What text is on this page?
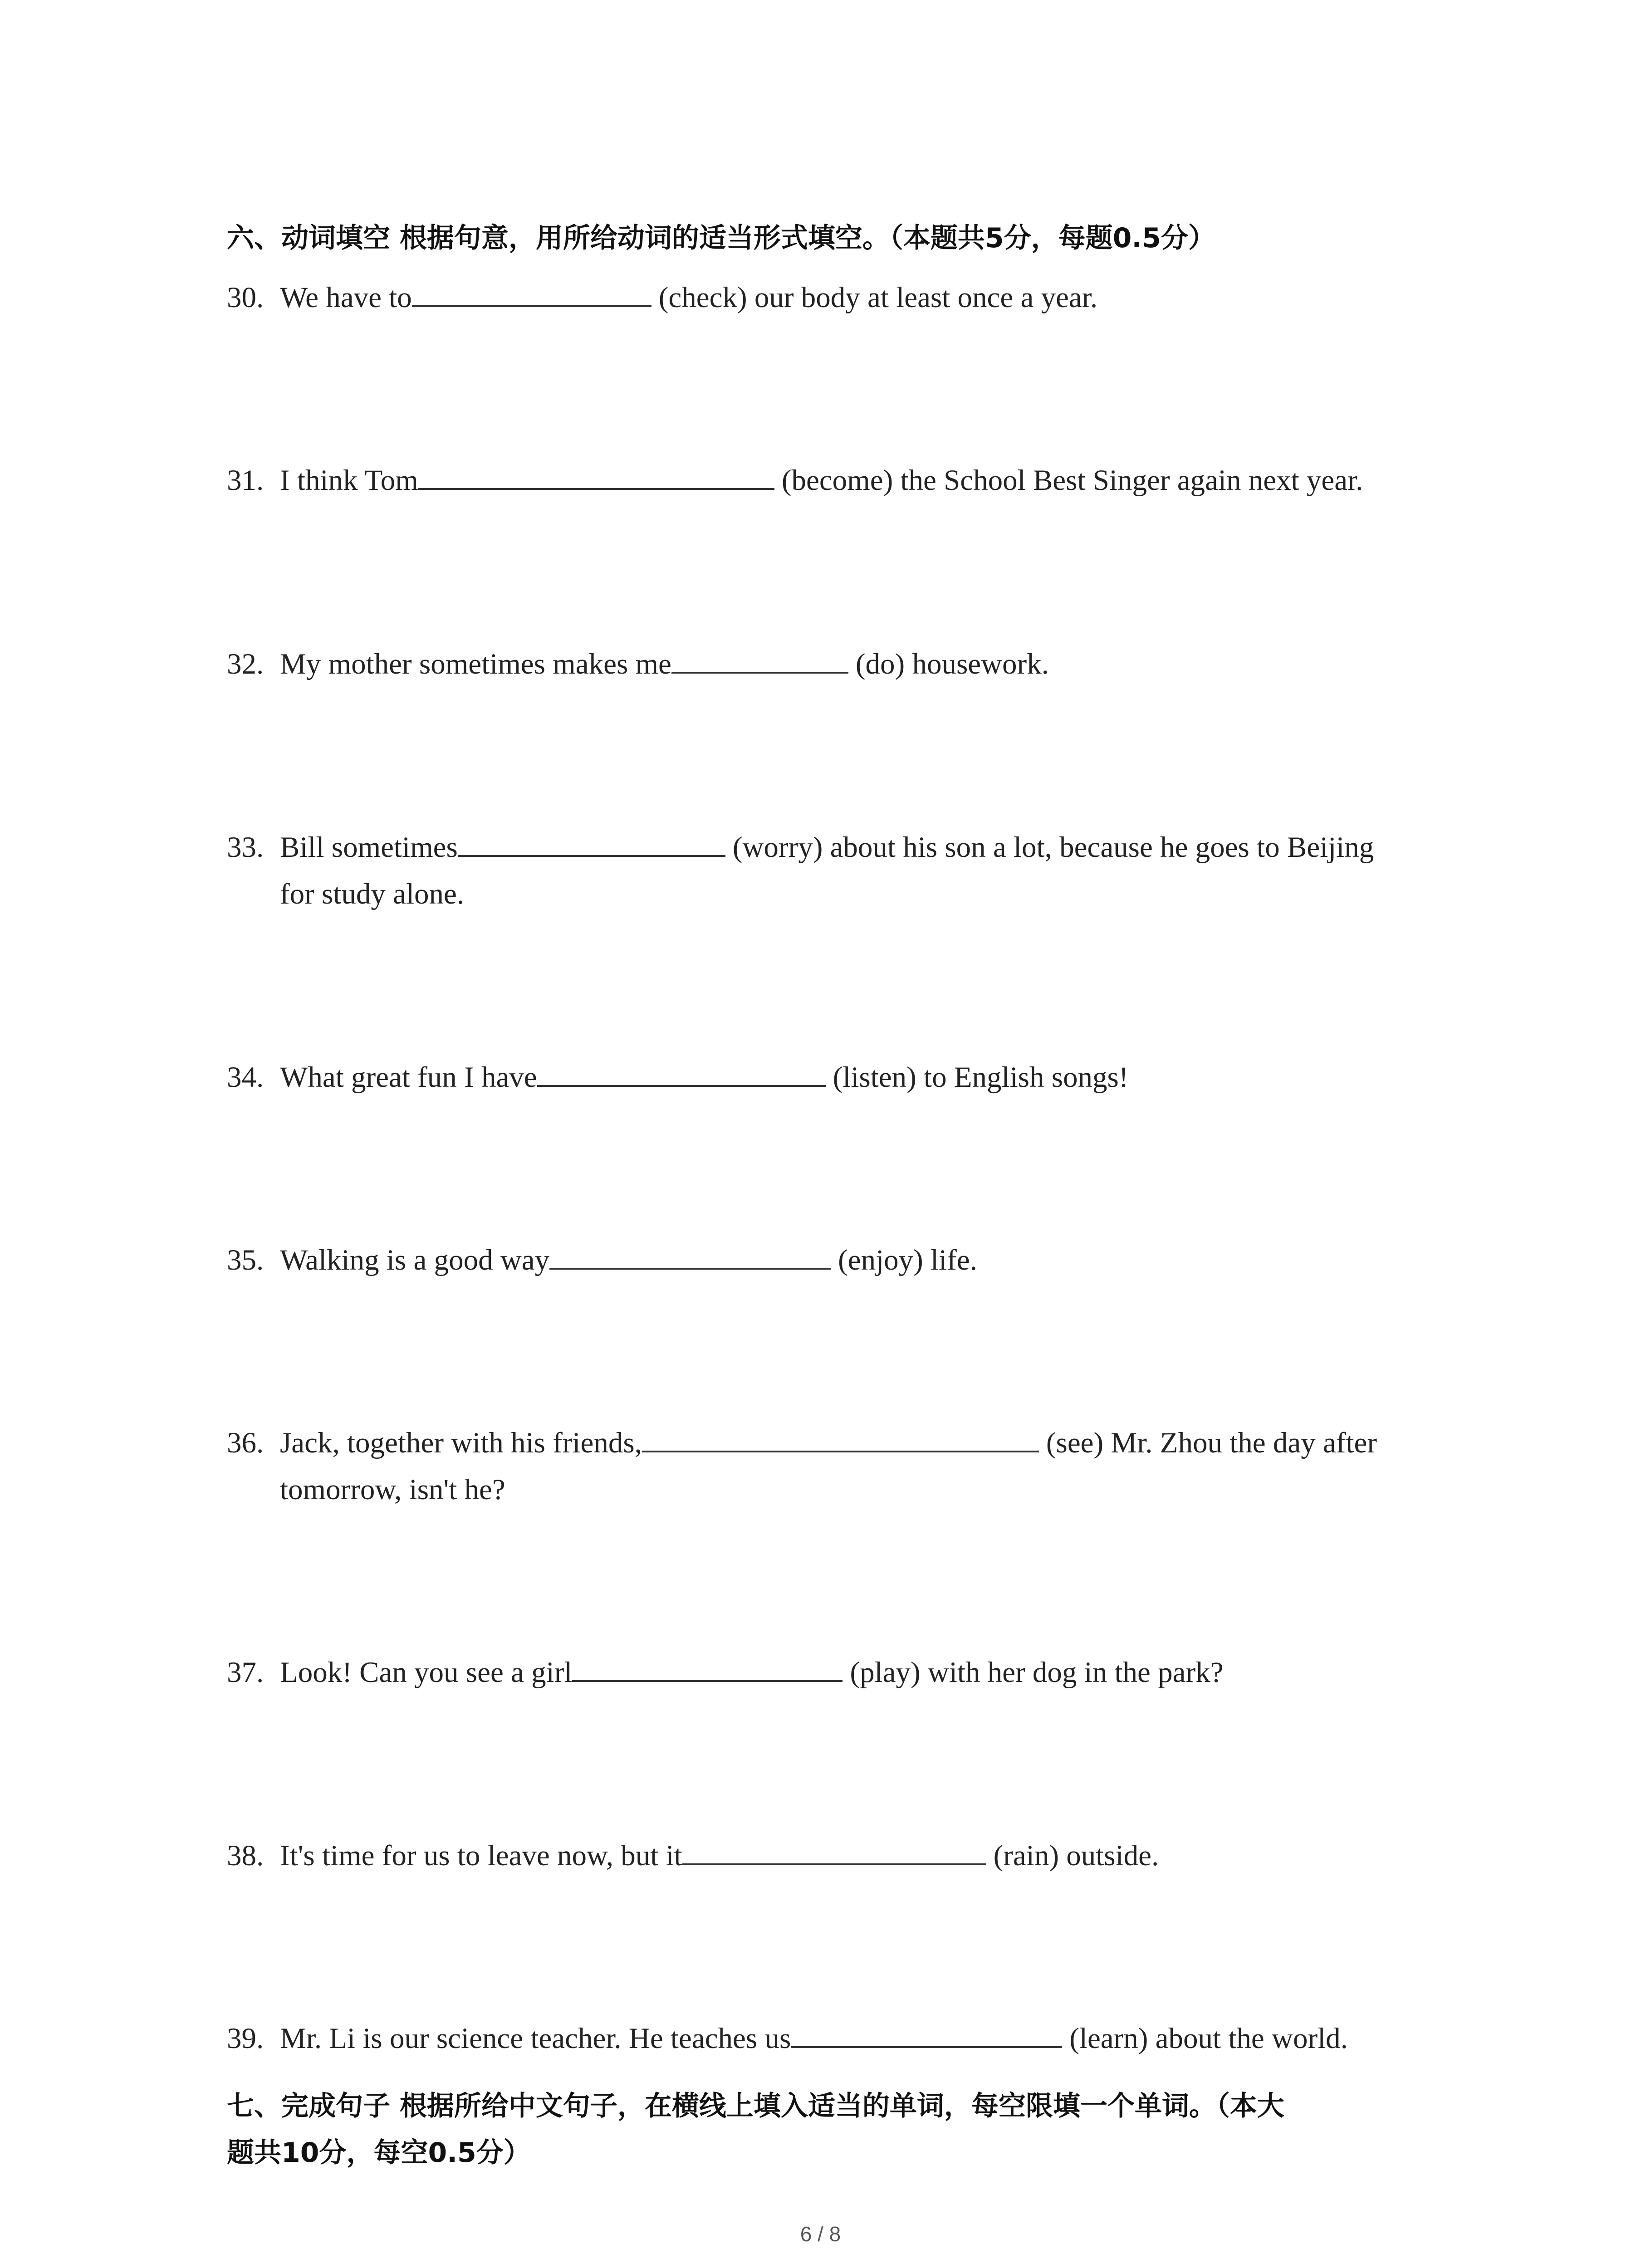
六、动词填空 根据句意，用所给动词的适当形式填空。（本题共5分，每题0.5分）
30. We have to	(check) our body at least once a year.
31. I think Tom	(become) the School Best Singer again next year.
32. My mother sometimes makes me	(do) housework.
33. Bill sometimes	(worry) about his son a lot, because he goes to Beijing
for study alone.
34. What great fun I have	(listen) to English songs!
35. Walking is a good way	(enjoy) life.
36. Jack, together with his friends,	(see) Mr. Zhou the day after
tomorrow, isn't he?
37. Look! Can you see a girl	(play) with her dog in the park?
38. It's time for us to leave now, but it	(rain) outside.
39. Mr. Li is our science teacher. He teaches us	(learn) about the world.
七、完成句子 根据所给中文句子，在横线上填入适当的单词，每空限填一个单词。（本大
题共10分，每空0.5分）
6 / 8
